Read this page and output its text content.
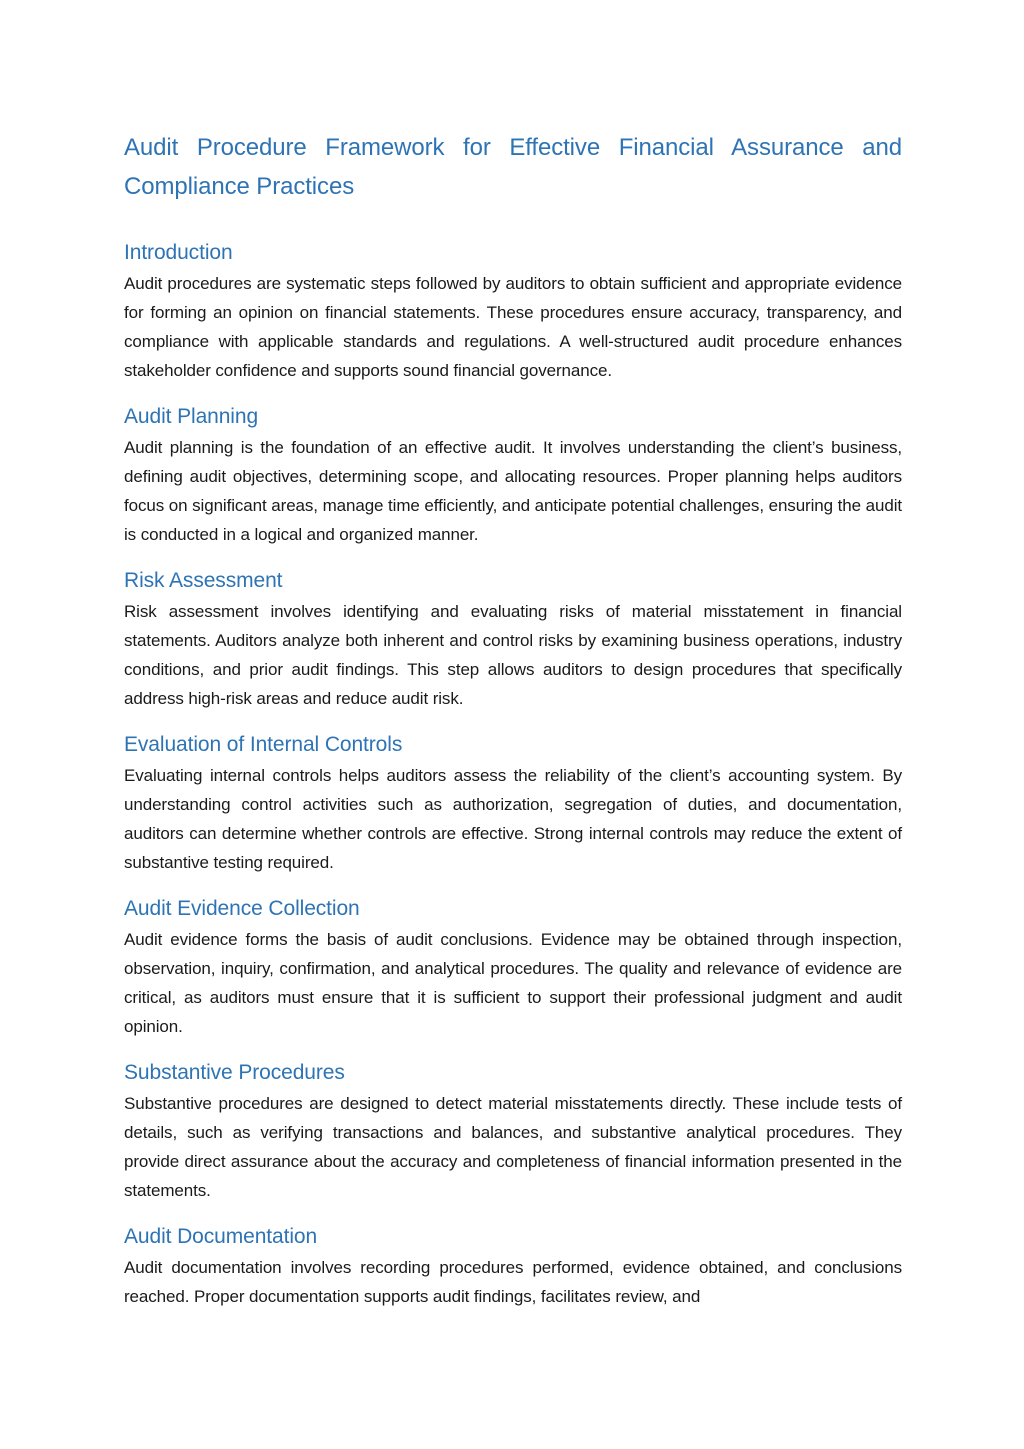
Audit Procedure Framework for Effective Financial Assurance and Compliance Practices
Introduction

Audit procedures are systematic steps followed by auditors to obtain sufficient and appropriate evidence for forming an opinion on financial statements. These procedures ensure accuracy, transparency, and compliance with applicable standards and regulations. A well-structured audit procedure enhances stakeholder confidence and supports sound financial governance.

Audit Planning

Audit planning is the foundation of an effective audit. It involves understanding the client’s business, defining audit objectives, determining scope, and allocating resources. Proper planning helps auditors focus on significant areas, manage time efficiently, and anticipate potential challenges, ensuring the audit is conducted in a logical and organized manner.

Risk Assessment

Risk assessment involves identifying and evaluating risks of material misstatement in financial statements. Auditors analyze both inherent and control risks by examining business operations, industry conditions, and prior audit findings. This step allows auditors to design procedures that specifically address high-risk areas and reduce audit risk.

Evaluation of Internal Controls

Evaluating internal controls helps auditors assess the reliability of the client’s accounting system. By understanding control activities such as authorization, segregation of duties, and documentation, auditors can determine whether controls are effective. Strong internal controls may reduce the extent of substantive testing required.

Audit Evidence Collection

Audit evidence forms the basis of audit conclusions. Evidence may be obtained through inspection, observation, inquiry, confirmation, and analytical procedures. The quality and relevance of evidence are critical, as auditors must ensure that it is sufficient to support their professional judgment and audit opinion.

Substantive Procedures

Substantive procedures are designed to detect material misstatements directly. These include tests of details, such as verifying transactions and balances, and substantive analytical procedures. They provide direct assurance about the accuracy and completeness of financial information presented in the statements.

Audit Documentation

Audit documentation involves recording procedures performed, evidence obtained, and conclusions reached. Proper documentation supports audit findings, facilitates review, and
